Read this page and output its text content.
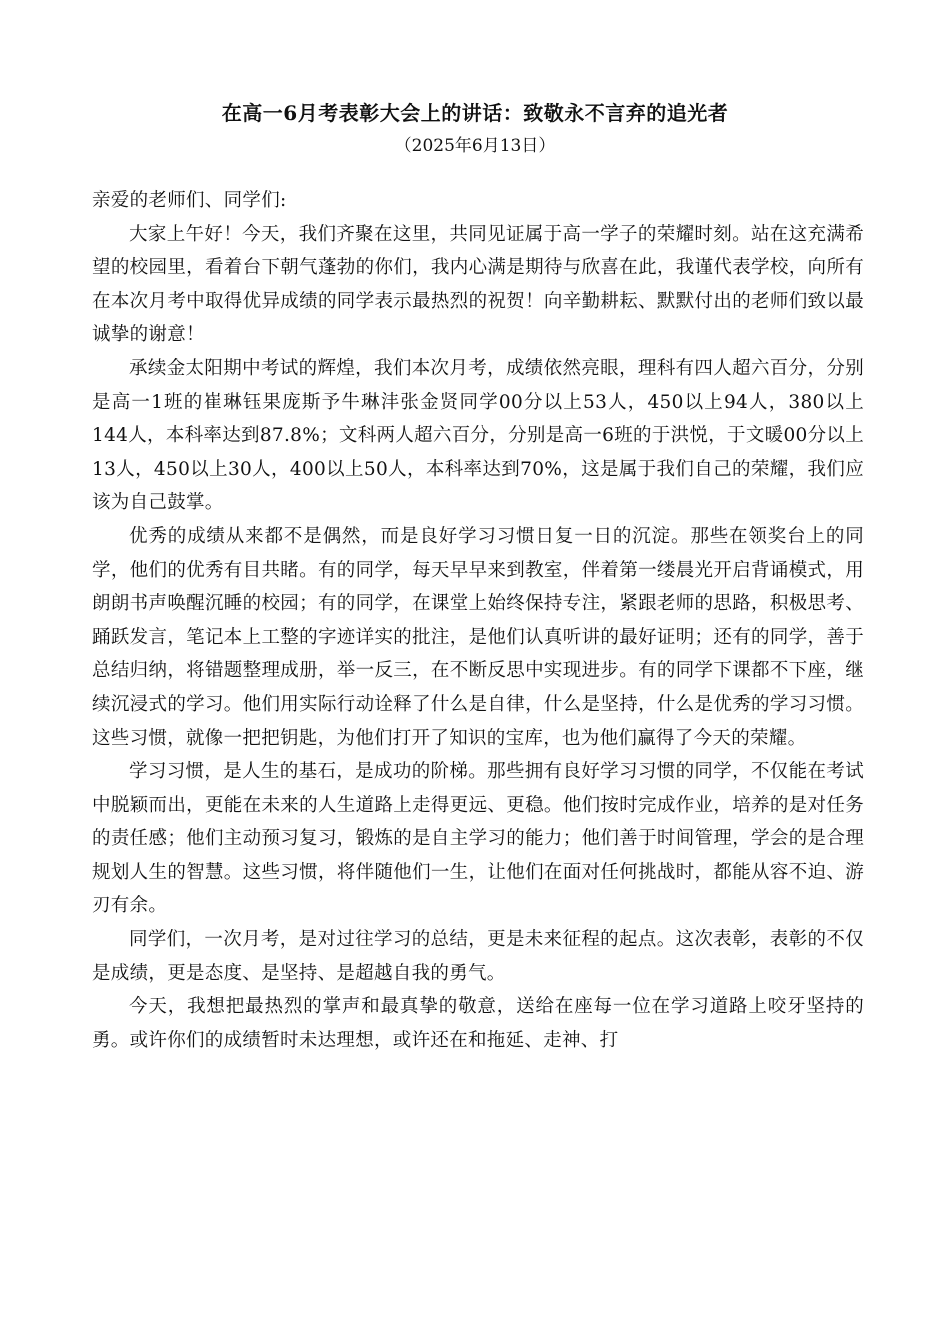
在高一6月考表彰大会上的讲话：致敬永不言弃的追光者
（2025年6月13日）

亲爱的老师们、同学们:

大家上午好！今天，我们齐聚在这里，共同见证属于高一学子的荣耀时刻。站在这充满希望的校园里，看着台下朝气蓬勃的你们，我内心满是期待与欣喜在此，我谨代表学校，向所有在本次月考中取得优异成绩的同学表示最热烈的祝贺！向辛勤耕耘、默默付出的老师们致以最诚挚的谢意！

承续金太阳期中考试的辉煌，我们本次月考，成绩依然亮眼，理科有四人超六百分，分别是高一1班的崔琳钰果庞斯予牛琳沣张金贤同学00分以上53人，450以上94人，380以上144人，本科率达到87.8%；文科两人超六百分，分别是高一6班的于洪悦，于文暖00分以上13人，450以上30人，400以上50人，本科率达到70%，这是属于我们自己的荣耀，我们应该为自己鼓掌。

优秀的成绩从来都不是偶然，而是良好学习习惯日复一日的沉淀。那些在领奖台上的同学，他们的优秀有目共睹。有的同学，每天早早来到教室，伴着第一缕晨光开启背诵模式，用朗朗书声唤醒沉睡的校园；有的同学，在课堂上始终保持专注，紧跟老师的思路，积极思考、踊跃发言，笔记本上工整的字迹详实的批注，是他们认真听讲的最好证明；还有的同学，善于总结归纳，将错题整理成册，举一反三，在不断反思中实现进步。有的同学下课都不下座，继续沉浸式的学习。他们用实际行动诠释了什么是自律，什么是坚持，什么是优秀的学习习惯。这些习惯，就像一把把钥匙，为他们打开了知识的宝库，也为他们赢得了今天的荣耀。

学习习惯，是人生的基石，是成功的阶梯。那些拥有良好学习习惯的同学，不仅能在考试中脱颖而出，更能在未来的人生道路上走得更远、更稳。他们按时完成作业，培养的是对任务的责任感；他们主动预习复习，锻炼的是自主学习的能力；他们善于时间管理，学会的是合理规划人生的智慧。这些习惯，将伴随他们一生，让他们在面对任何挑战时，都能从容不迫、游刃有余。

同学们，一次月考，是对过往学习的总结，更是未来征程的起点。这次表彰，表彰的不仅是成绩，更是态度、是坚持、是超越自我的勇气。

今天，我想把最热烈的掌声和最真挚的敬意，送给在座每一位在学习道路上咬牙坚持的勇。或许你们的成绩暂时未达理想，或许还在和拖延、走神、打
